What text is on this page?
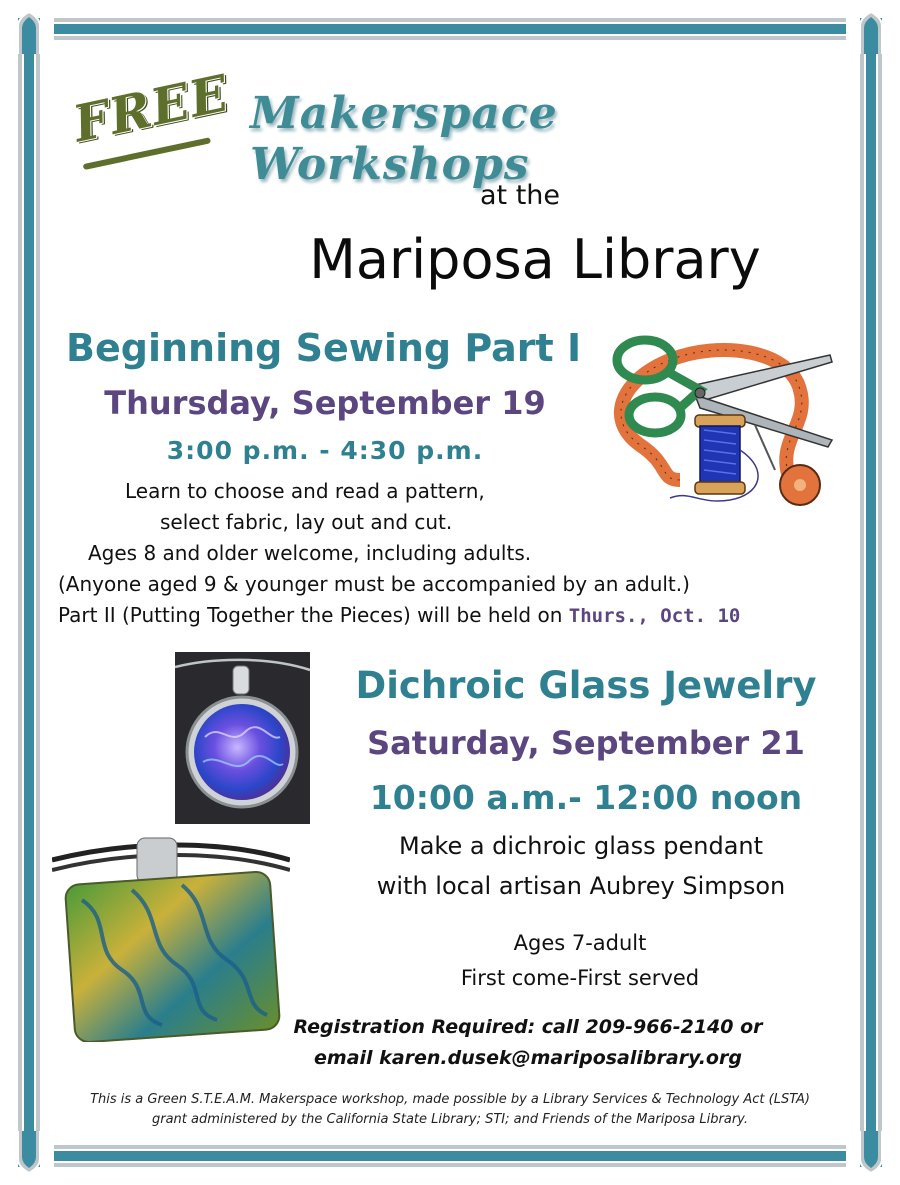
FREE Makerspace Workshops
at the
Mariposa Library
Beginning Sewing Part I
Thursday, September 19
3:00 p.m. - 4:30 p.m.
Learn to choose and read a pattern,
select fabric, lay out and cut.
Ages 8 and older welcome, including adults.
(Anyone aged 9 & younger must be accompanied by an adult.)
Part II (Putting Together the Pieces) will be held on Thurs., Oct. 10
Dichroic Glass Jewelry
Saturday, September 21
10:00 a.m.- 12:00 noon
Make a dichroic glass pendant
with local artisan Aubrey Simpson
Ages 7-adult
First come-First served
Registration Required: call 209-966-2140 or
email karen.dusek@mariposalibrary.org
This is a Green S.T.E.A.M. Makerspace workshop, made possible by a Library Services & Technology Act (LSTA)
grant administered by the California State Library; STI; and Friends of the Mariposa Library.
